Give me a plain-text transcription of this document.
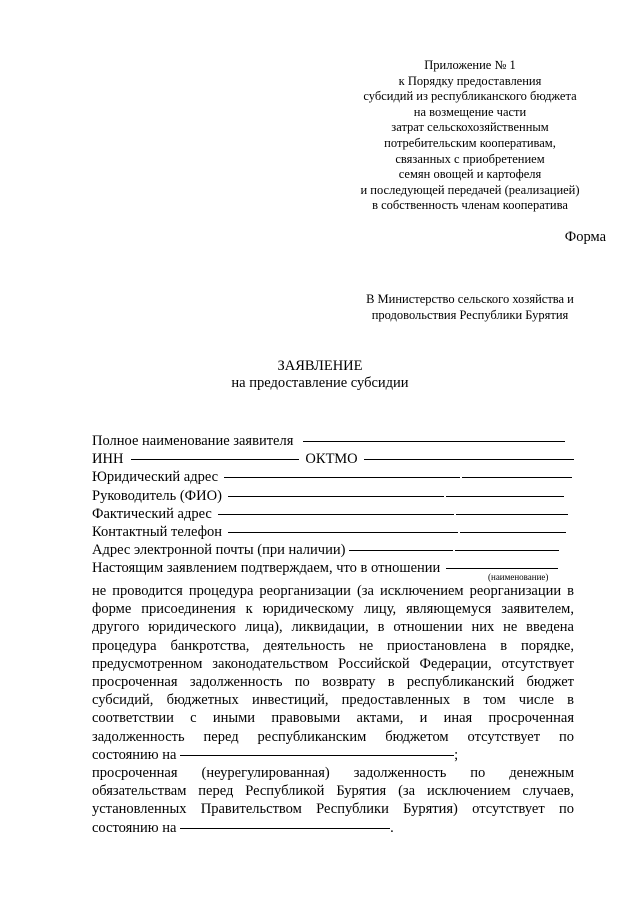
Приложение № 1
к Порядку предоставления
субсидий из республиканского бюджета
на возмещение части
затрат сельскохозяйственным
потребительским кооперативам,
связанных с приобретением
семян овощей и картофеля
и последующей передачей (реализацией)
в собственность членам кооператива
Форма
В Министерство сельского хозяйства и
продовольствия Республики Бурятия
ЗАЯВЛЕНИЕ
на предоставление субсидии
Полное наименование заявителя
ИНН	ОКТМО
Юридический адрес
Руководитель (ФИО)
Фактический адрес
Контактный телефон
Адрес электронной почты (при наличии)
Настоящим заявлением подтверждаем, что в отношении
(наименование)

не проводится процедура реорганизации (за исключением реорганизации в форме присоединения к юридическому лицу, являющемуся заявителем, другого юридического лица), ликвидации, в отношении них не введена процедура банкротства, деятельность не приостановлена в порядке, предусмотренном законодательством Российской Федерации, отсутствует просроченная задолженность по возврату в республиканский бюджет субсидий, бюджетных инвестиций, предоставленных в том числе в соответствии с иными правовыми актами, и иная просроченная задолженность перед республиканским бюджетом отсутствует по

состоянию на	;

просроченная (неурегулированная) задолженность по денежным обязательствам перед Республикой Бурятия (за исключением случаев, установленных Правительством Республики Бурятия) отсутствует по

состоянию на	.
